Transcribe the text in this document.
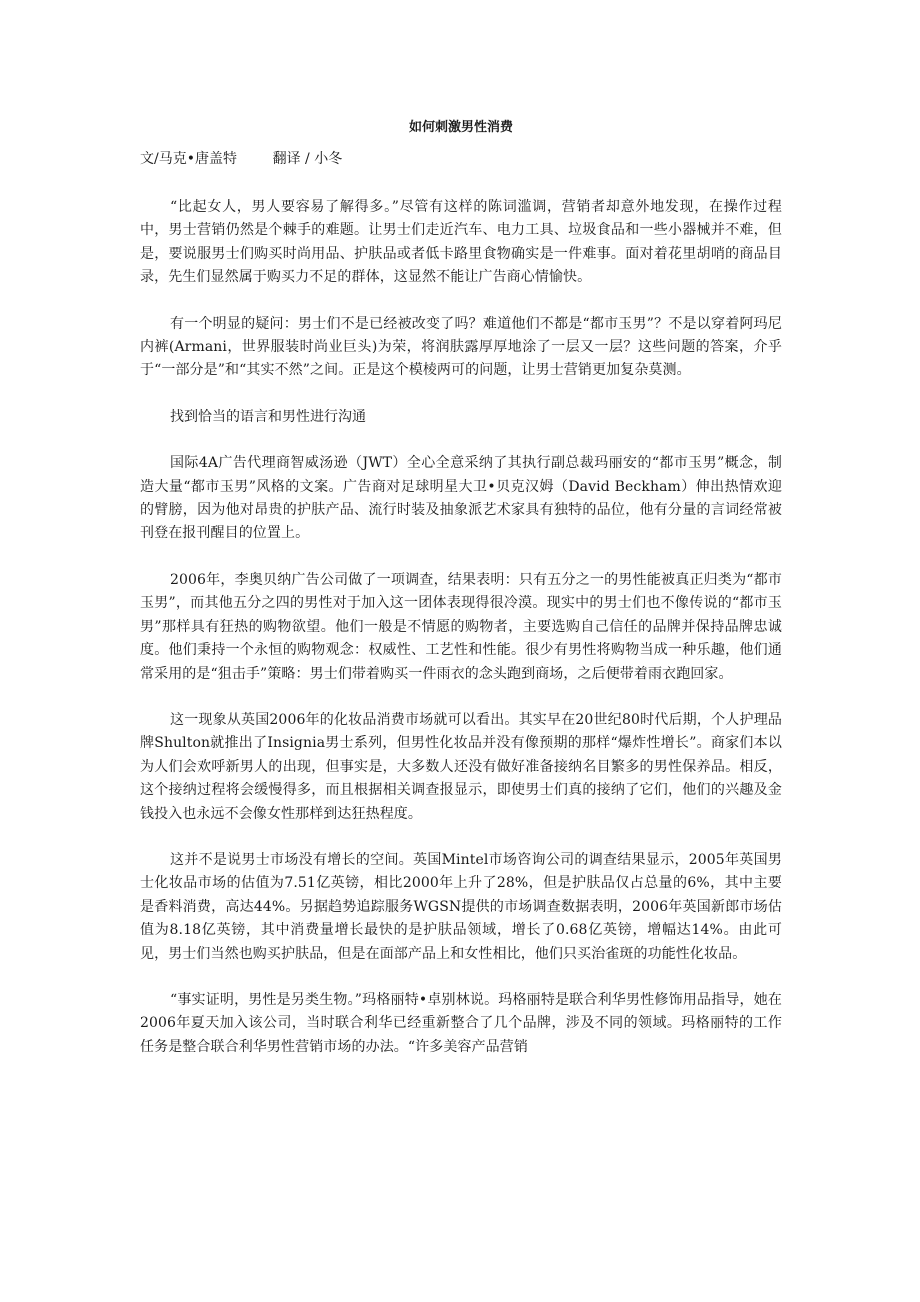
如何刺激男性消费
文/马克•唐盖特        翻译 / 小冬

“比起女人，男人要容易了解得多。”尽管有这样的陈词滥调，营销者却意外地发现，在操作过程中，男士营销仍然是个棘手的难题。让男士们走近汽车、电力工具、垃圾食品和一些小器械并不难，但是，要说服男士们购买时尚用品、护肤品或者低卡路里食物确实是一件难事。面对着花里胡哨的商品目录，先生们显然属于购买力不足的群体，这显然不能让广告商心情愉快。

有一个明显的疑问：男士们不是已经被改变了吗？难道他们不都是“都市玉男”？不是以穿着阿玛尼内裤(Armani，世界服装时尚业巨头)为荣，将润肤露厚厚地涂了一层又一层？这些问题的答案，介乎于“一部分是”和“其实不然”之间。正是这个模棱两可的问题，让男士营销更加复杂莫测。

找到恰当的语言和男性进行沟通

国际4A广告代理商智威汤逊（JWT）全心全意采纳了其执行副总裁玛丽安的“都市玉男”概念，制造大量“都市玉男”风格的文案。广告商对足球明星大卫•贝克汉姆（David Beckham）伸出热情欢迎的臂膀，因为他对昂贵的护肤产品、流行时装及抽象派艺术家具有独特的品位，他有分量的言词经常被刊登在报刊醒目的位置上。

2006年，李奥贝纳广告公司做了一项调查，结果表明：只有五分之一的男性能被真正归类为“都市玉男”，而其他五分之四的男性对于加入这一团体表现得很冷漠。现实中的男士们也不像传说的“都市玉男”那样具有狂热的购物欲望。他们一般是不情愿的购物者，主要选购自己信任的品牌并保持品牌忠诚度。他们秉持一个永恒的购物观念：权威性、工艺性和性能。很少有男性将购物当成一种乐趣，他们通常采用的是“狙击手”策略：男士们带着购买一件雨衣的念头跑到商场，之后便带着雨衣跑回家。

这一现象从英国2006年的化妆品消费市场就可以看出。其实早在20世纪80时代后期，个人护理品牌Shulton就推出了Insignia男士系列，但男性化妆品并没有像预期的那样“爆炸性增长”。商家们本以为人们会欢呼新男人的出现，但事实是，大多数人还没有做好准备接纳名目繁多的男性保养品。相反，这个接纳过程将会缓慢得多，而且根据相关调查报显示，即使男士们真的接纳了它们，他们的兴趣及金钱投入也永远不会像女性那样到达狂热程度。

这并不是说男士市场没有增长的空间。英国Mintel市场咨询公司的调查结果显示，2005年英国男士化妆品市场的估值为7.51亿英镑，相比2000年上升了28%，但是护肤品仅占总量的6%，其中主要是香料消费，高达44%。另据趋势追踪服务WGSN提供的市场调查数据表明，2006年英国新郎市场估值为8.18亿英镑，其中消费量增长最快的是护肤品领域，增长了0.68亿英镑，增幅达14%。由此可见，男士们当然也购买护肤品，但是在面部产品上和女性相比，他们只买治雀斑的功能性化妆品。

“事实证明，男性是另类生物。”玛格丽特•卓别林说。玛格丽特是联合利华男性修饰用品指导，她在2006年夏天加入该公司，当时联合利华已经重新整合了几个品牌，涉及不同的领域。玛格丽特的工作任务是整合联合利华男性营销市场的办法。“许多美容产品营销
